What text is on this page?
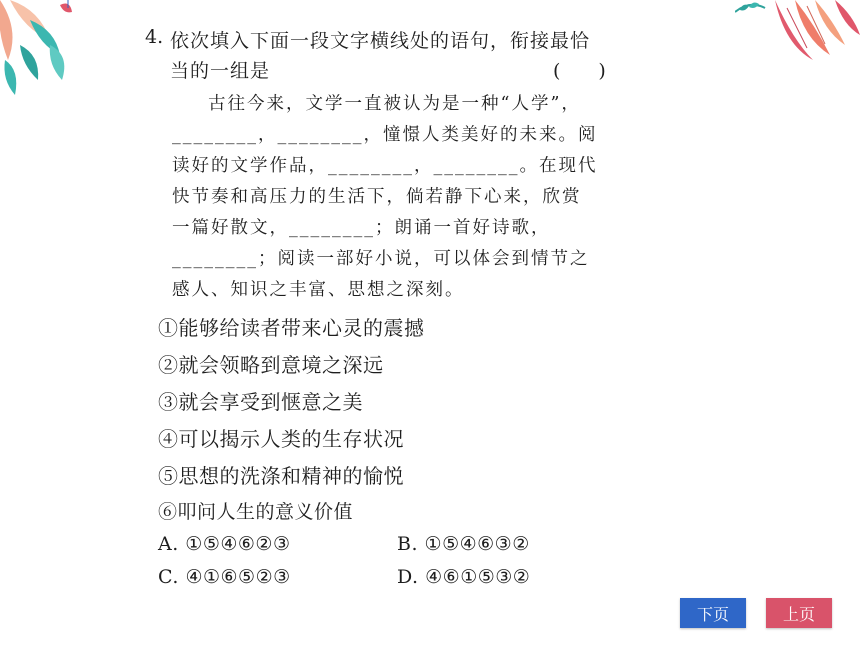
4. 依次填入下面一段文字横线处的语句，衔接最恰
当的一组是	(　　)
古往今来，文学一直被认为是一种“人学”，
________，________，憧憬人类美好的未来。阅
读好的文学作品，________，________。在现代
快节奏和高压力的生活下，倘若静下心来，欣赏
一篇好散文，________；朗诵一首好诗歌，
________；阅读一部好小说，可以体会到情节之
感人、知识之丰富、思想之深刻。
①能够给读者带来心灵的震撼
②就会领略到意境之深远
③就会享受到惬意之美
④可以揭示人类的生存状况
⑤思想的洗涤和精神的愉悦
⑥叩问人生的意义价值
A. ①⑤④⑥②③	B. ①⑤④⑥③②
C. ④①⑥⑤②③	D. ④⑥①⑤③②
下页	上页
